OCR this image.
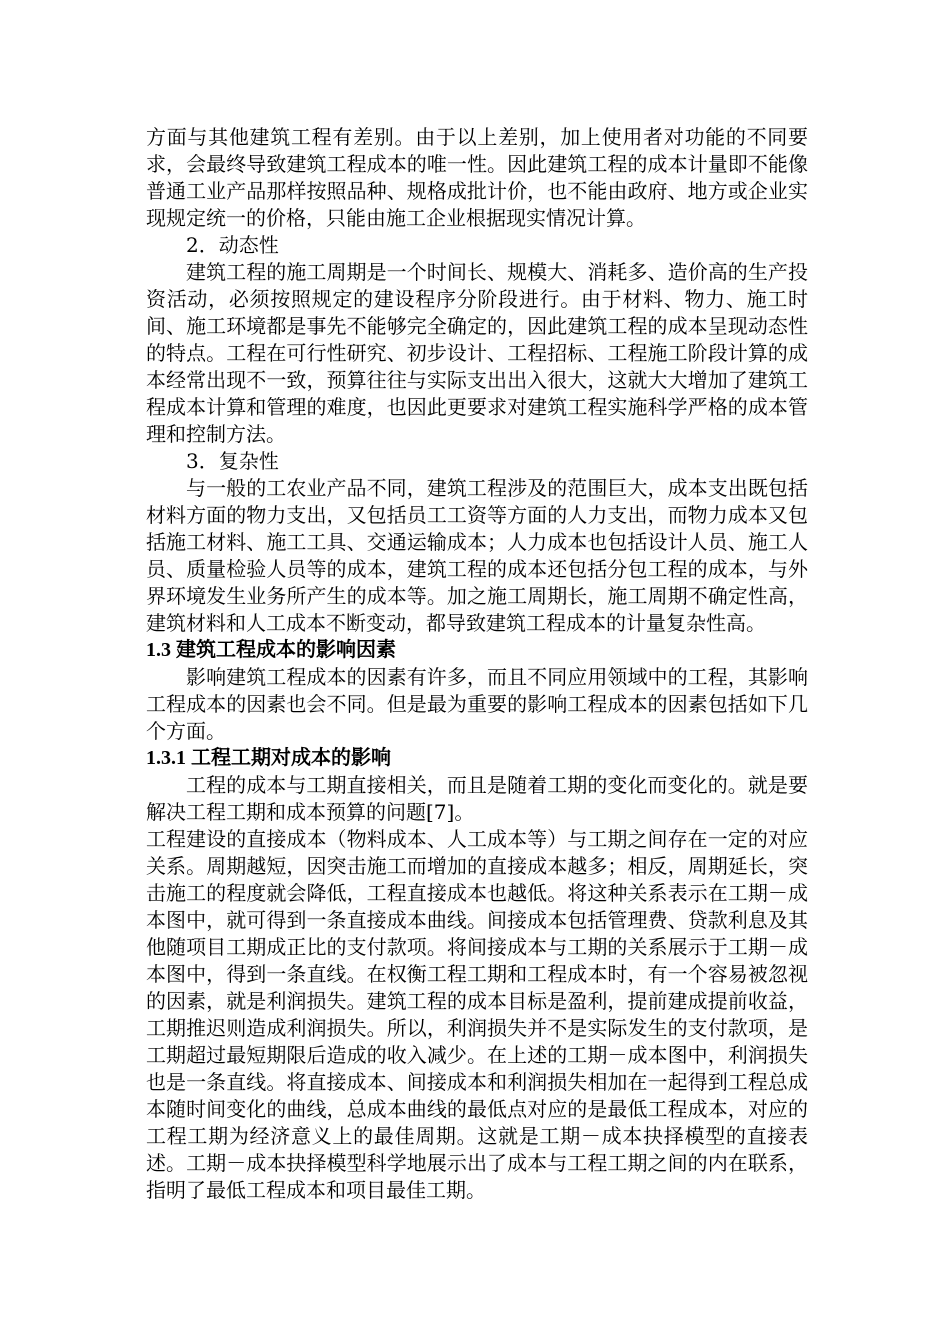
方面与其他建筑工程有差别。由于以上差别，加上使用者对功能的不同要求，会最终导致建筑工程成本的唯一性。因此建筑工程的成本计量即不能像普通工业产品那样按照品种、规格成批计价，也不能由政府、地方或企业实现规定统一的价格，只能由施工企业根据现实情况计算。

2．动态性

建筑工程的施工周期是一个时间长、规模大、消耗多、造价高的生产投资活动，必须按照规定的建设程序分阶段进行。由于材料、物力、施工时间、施工环境都是事先不能够完全确定的，因此建筑工程的成本呈现动态性的特点。工程在可行性研究、初步设计、工程招标、工程施工阶段计算的成本经常出现不一致，预算往往与实际支出出入很大，这就大大增加了建筑工程成本计算和管理的难度，也因此更要求对建筑工程实施科学严格的成本管理和控制方法。

3．复杂性

与一般的工农业产品不同，建筑工程涉及的范围巨大，成本支出既包括材料方面的物力支出，又包括员工工资等方面的人力支出，而物力成本又包括施工材料、施工工具、交通运输成本；人力成本也包括设计人员、施工人员、质量检验人员等的成本，建筑工程的成本还包括分包工程的成本，与外界环境发生业务所产生的成本等。加之施工周期长，施工周期不确定性高，建筑材料和人工成本不断变动，都导致建筑工程成本的计量复杂性高。

1.3 建筑工程成本的影响因素

影响建筑工程成本的因素有许多，而且不同应用领域中的工程，其影响工程成本的因素也会不同。但是最为重要的影响工程成本的因素包括如下几个方面。

1.3.1 工程工期对成本的影响

工程的成本与工期直接相关，而且是随着工期的变化而变化的。就是要解决工程工期和成本预算的问题[7]。

工程建设的直接成本（物料成本、人工成本等）与工期之间存在一定的对应关系。周期越短，因突击施工而增加的直接成本越多；相反，周期延长，突击施工的程度就会降低，工程直接成本也越低。将这种关系表示在工期－成本图中，就可得到一条直接成本曲线。间接成本包括管理费、贷款利息及其他随项目工期成正比的支付款项。将间接成本与工期的关系展示于工期－成本图中，得到一条直线。在权衡工程工期和工程成本时，有一个容易被忽视的因素，就是利润损失。建筑工程的成本目标是盈利，提前建成提前收益，工期推迟则造成利润损失。所以，利润损失并不是实际发生的支付款项，是工期超过最短期限后造成的收入减少。在上述的工期－成本图中，利润损失也是一条直线。将直接成本、间接成本和利润损失相加在一起得到工程总成本随时间变化的曲线，总成本曲线的最低点对应的是最低工程成本，对应的工程工期为经济意义上的最佳周期。这就是工期－成本抉择模型的直接表述。工期－成本抉择模型科学地展示出了成本与工程工期之间的内在联系，指明了最低工程成本和项目最佳工期。
